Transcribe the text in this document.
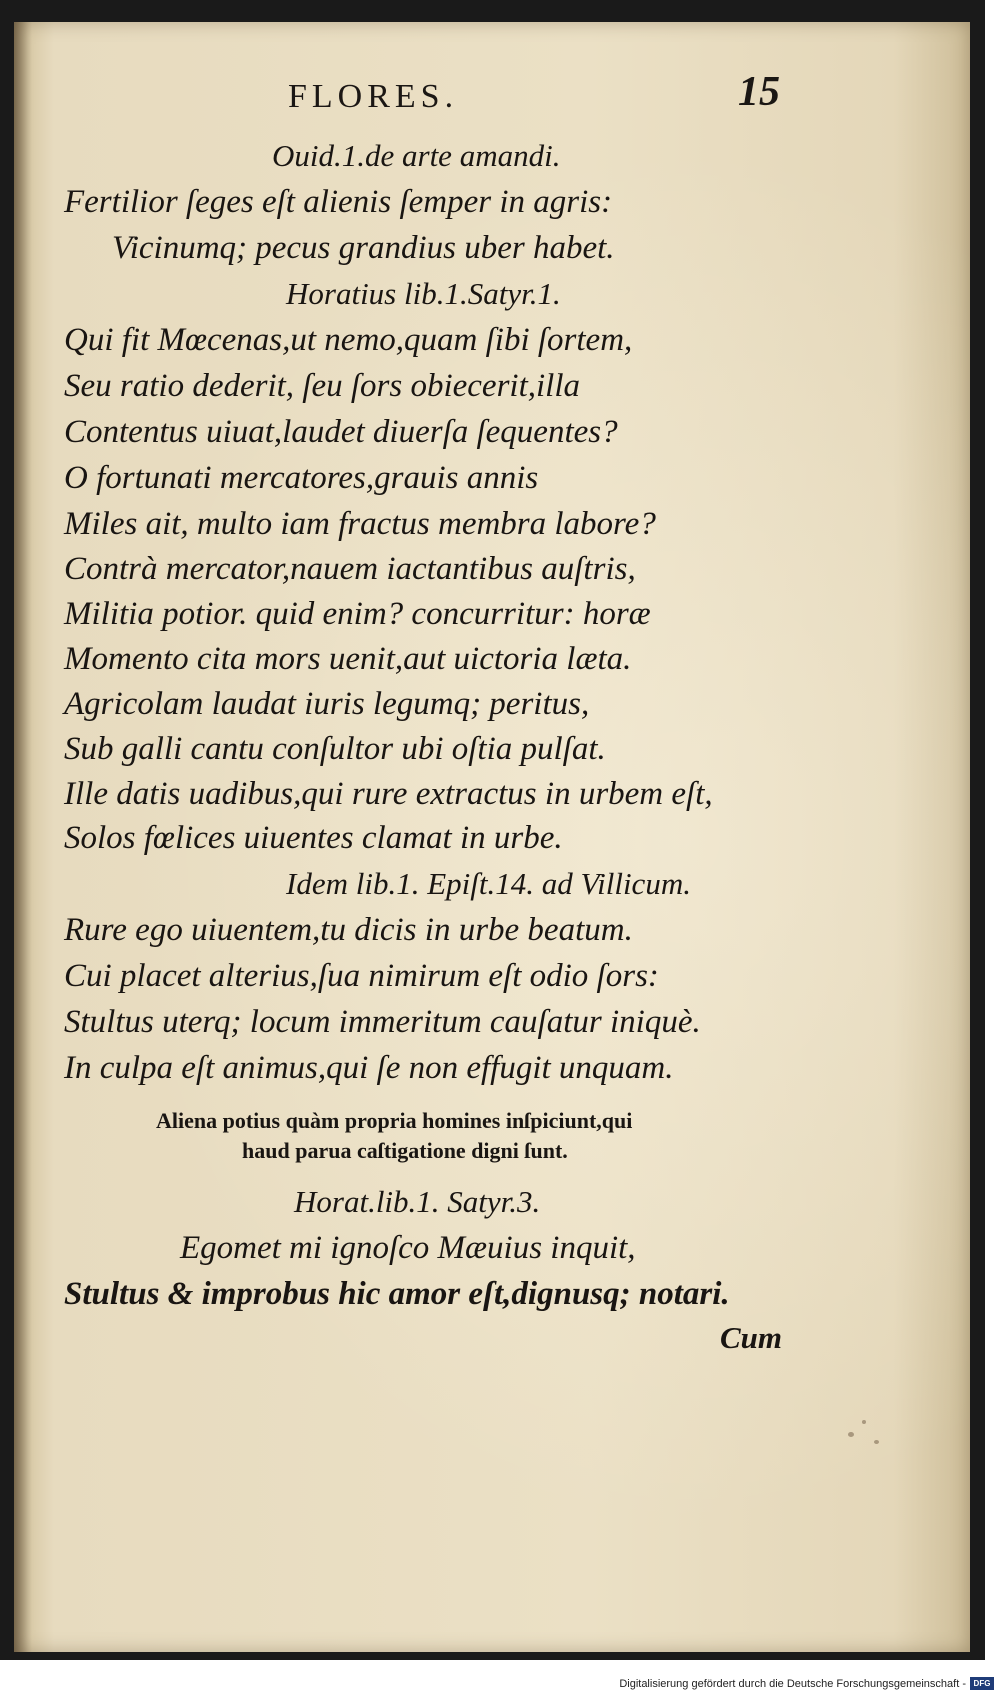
FLORES.	15
Ouid.1.de arte amandi.
Fertilior ſeges eſt alienis ſemper in agris:
Vicinumq; pecus grandius uber habet.
Horatius lib.1.Satyr.1.
Qui fit Mœcenas,ut nemo,quam ſibi ſortem,
Seu ratio dederit, ſeu ſors obiecerit,illa
Contentus uiuat,laudet diuerſa ſequentes?
O fortunati mercatores,grauis annis
Miles ait, multo iam fractus membra labore?
Contrà mercator,nauem iactantibus auſtris,
Militia potior. quid enim? concurritur: horæ
Momento cita mors uenit,aut uictoria læta.
Agricolam laudat iuris legumq; peritus,
Sub galli cantu conſultor ubi oſtia pulſat.
Ille datis uadibus,qui rure extractus in urbem eſt,
Solos fœlices uiuentes clamat in urbe.
Idem lib.1. Epiſt.14. ad Villicum.
Rure ego uiuentem,tu dicis in urbe beatum.
Cui placet alterius,ſua nimirum eſt odio ſors:
Stultus uterq; locum immeritum cauſatur iniquè.
In culpa eſt animus,qui ſe non effugit unquam.
Aliena potius quàm propria homines inſpiciunt,qui
haud parua caſtigatione digni ſunt.
Horat.lib.1. Satyr.3.
Egomet mi ignoſco Mæuius inquit,
Stultus & improbus hic amor eſt,dignusq; notari.
Cum
Digitalisierung gefördert durch die Deutsche Forschungsgemeinschaft - DFG
